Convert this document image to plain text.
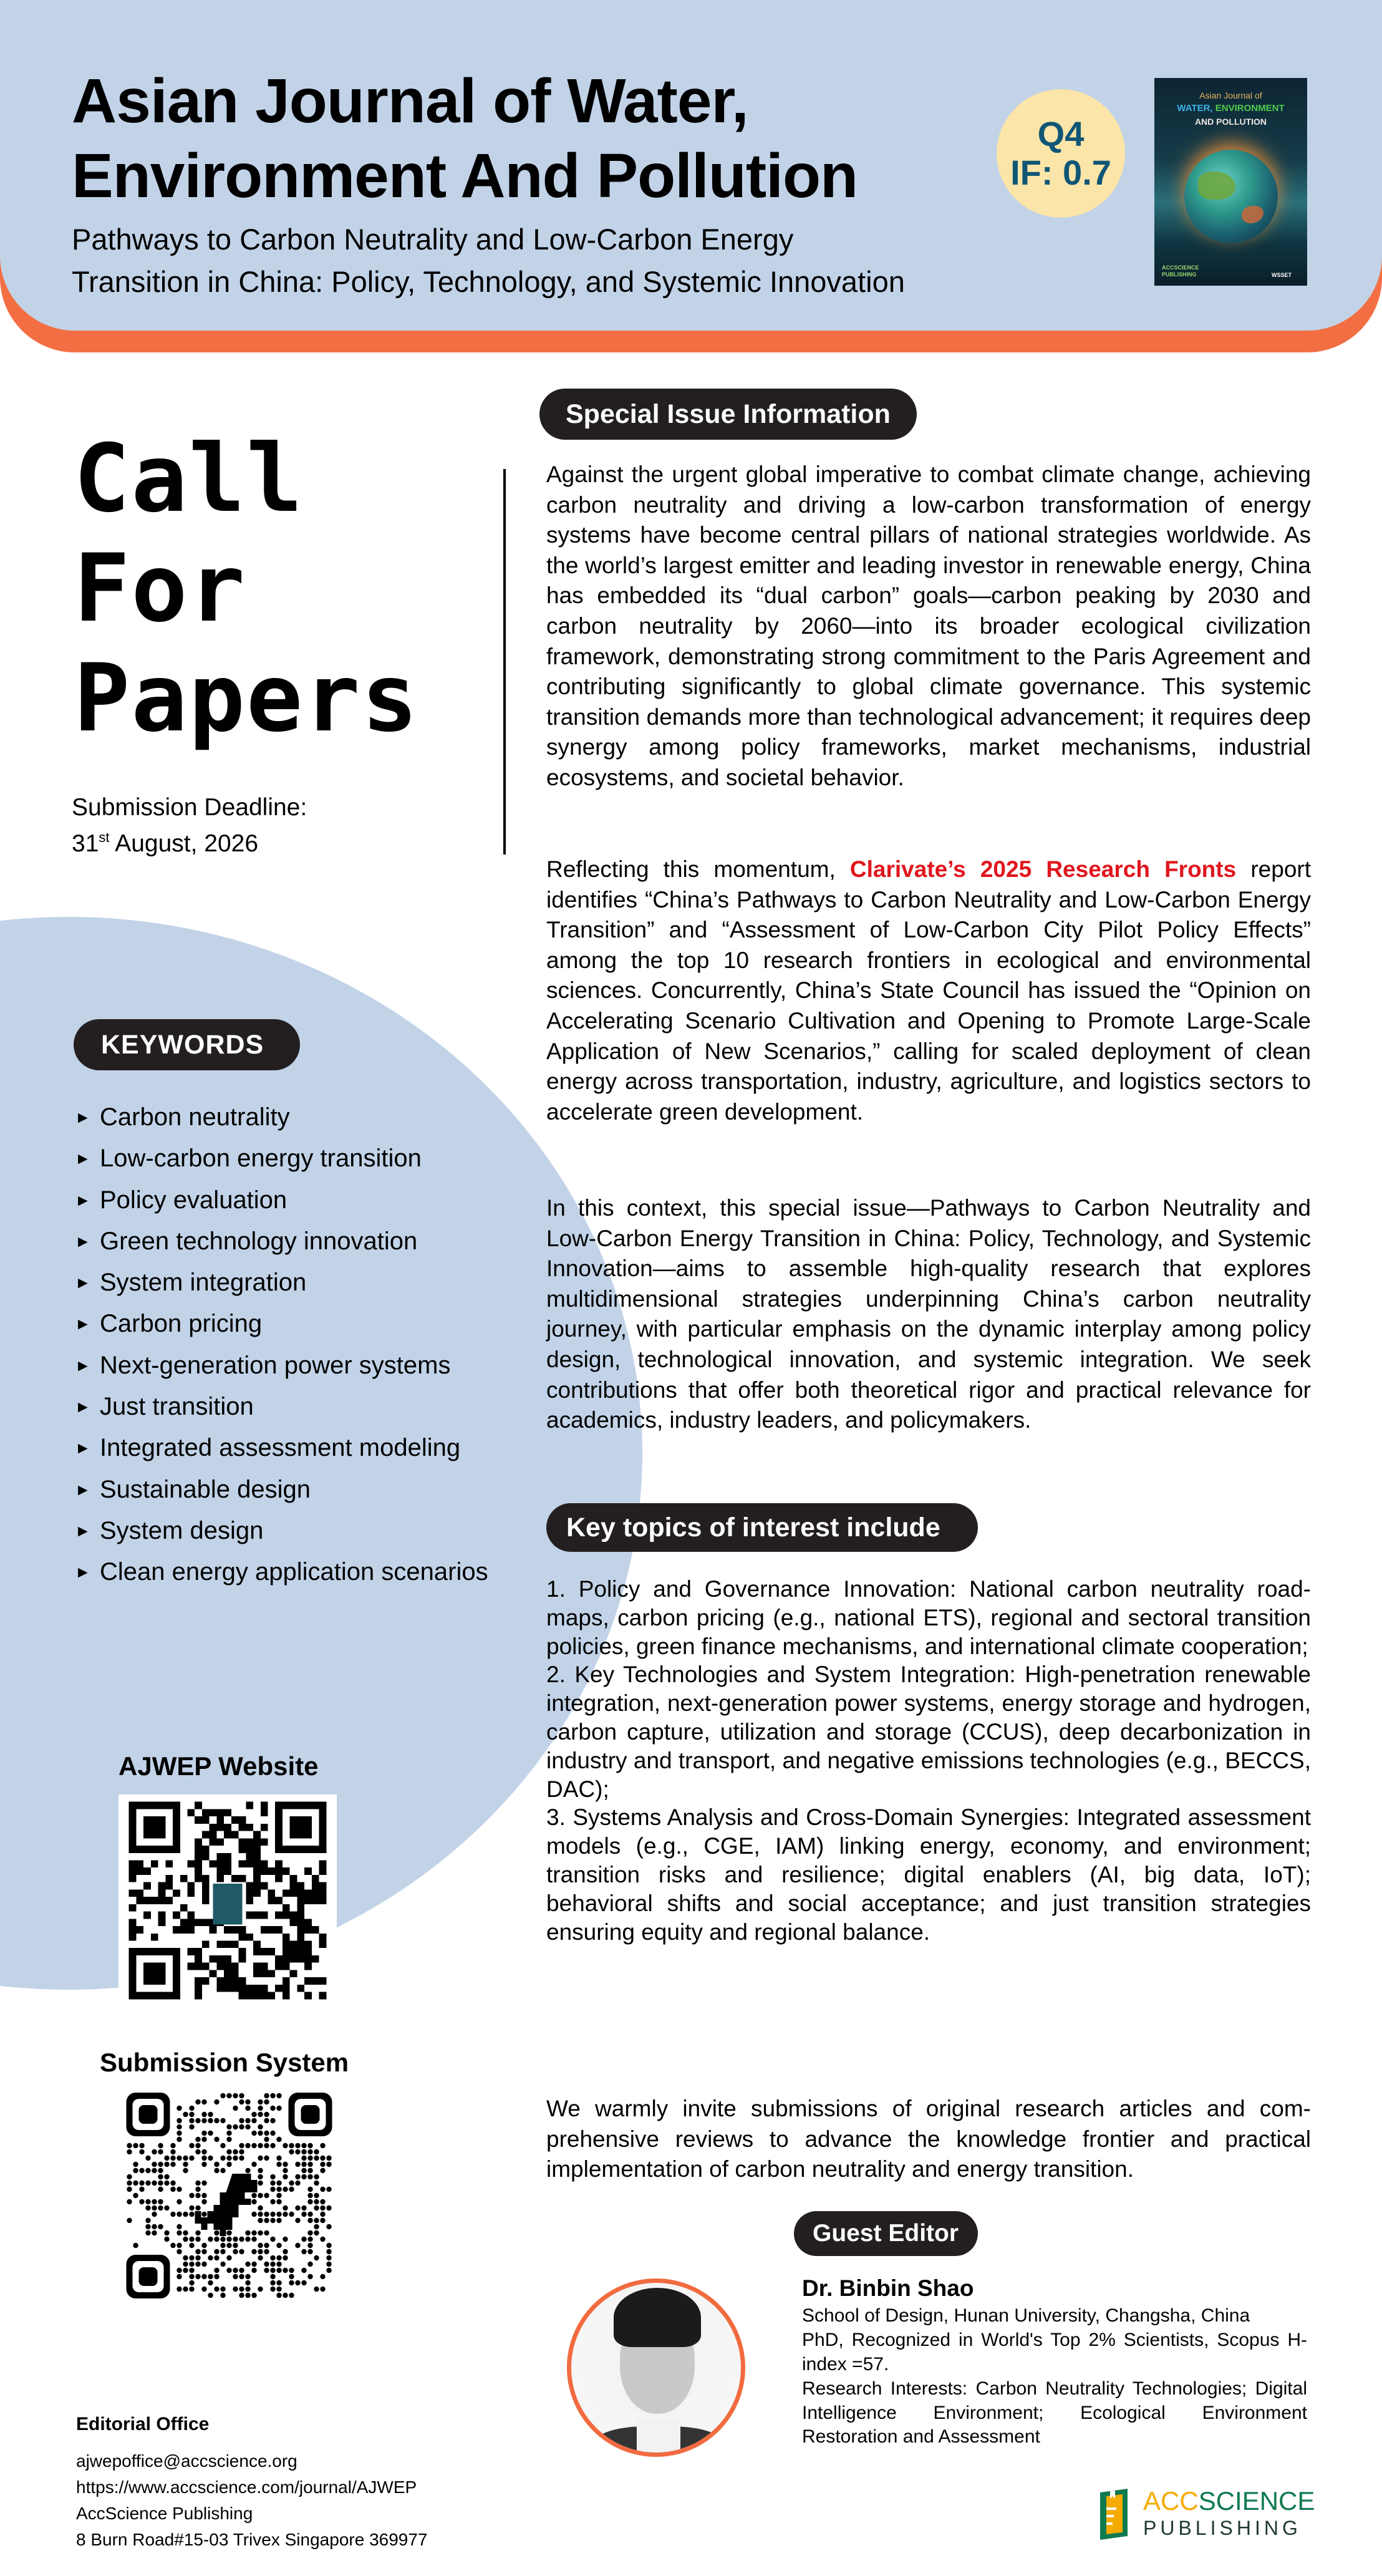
Asian Journal of Water,
Environment And Pollution
Pathways to Carbon Neutrality and Low-Carbon Energy
Transition in China: Policy, Technology, and Systemic Innovation
Q4
IF: 0.7
Asian Journal of
WATER, ENVIRONMENT
AND POLLUTION
ACCSCIENCE PUBLISHING	WSSET
Call
For
Papers
Submission Deadline:
31st August, 2026
KEYWORDS
► Carbon neutrality
► Low-carbon energy transition
► Policy evaluation
► Green technology innovation
► System integration
► Carbon pricing
► Next-generation power systems
► Just transition
► Integrated assessment modeling
► Sustainable design
► System design
► Clean energy application scenarios
AJWEP Website
Submission System
Editorial Office
ajwepoffice@accscience.org
https://www.accscience.com/journal/AJWEP
AccScience Publishing
8 Burn Road#15-03 Trivex Singapore 369977
Special Issue Information

Against the urgent global imperative to combat climate change, achieving carbon neutrality and driving a low-carbon transformation of energy systems have become central pillars of national strategies worldwide. As the world’s largest emitter and leading investor in renewable energy, China has embedded its “dual carbon” goals—carbon peaking by 2030 and carbon neutrality by 2060—into its broader ecological civilization framework, demonstrating strong commitment to the Paris Agreement and contributing significantly to global climate governance. This systemic transition demands more than technological advancement; it requires deep synergy among policy frameworks, market mechanisms, industrial ecosystems, and societal behavior.

Reflecting this momentum, Clarivate’s 2025 Research Fronts report identifies “China’s Pathways to Carbon Neutrality and Low-Carbon Energy Transition” and “Assessment of Low-Carbon City Pilot Policy Effects” among the top 10 research frontiers in ecological and environmental sciences. Concurrently, China’s State Council has issued the “Opinion on Accelerating Scenario Cultivation and Opening to Promote Large-Scale Application of New Scenarios,” calling for scaled deployment of clean energy across transportation, industry, agriculture, and logistics sectors to accelerate green development.

In this context, this special issue—Pathways to Carbon Neutrality and Low-Carbon Energy Transition in China: Policy, Technology, and Systemic Innovation—aims to assemble high-quality research that explores multidimensional strategies underpinning China’s carbon neutrality journey, with particular emphasis on the dynamic interplay among policy design, technological innovation, and systemic integration. We seek contributions that offer both theoretical rigor and practical relevance for academics, industry leaders, and policymakers.

Key topics of interest include

1. Policy and Governance Innovation: National carbon neutrality roadmaps, carbon pricing (e.g., national ETS), regional and sectoral transition policies, green finance mechanisms, and international climate cooperation;

2. Key Technologies and System Integration: High-penetration renewable integration, next-generation power systems, energy storage and hydrogen, carbon capture, utilization and storage (CCUS), deep decarbonization in industry and transport, and negative emissions technologies (e.g., BECCS, DAC);

3. Systems Analysis and Cross-Domain Synergies: Integrated assessment models (e.g., CGE, IAM) linking energy, economy, and environment; transition risks and resilience; digital enablers (AI, big data, IoT); behavioral shifts and social acceptance; and just transition strategies ensuring equity and regional balance.

We warmly invite submissions of original research articles and comprehensive reviews to advance the knowledge frontier and practical implementation of carbon neutrality and energy transition.

Guest Editor
Dr. Binbin Shao

School of Design, Hunan University, Changsha, China

PhD, Recognized in World's Top 2% Scientists, Scopus H-index =57.

Research Interests: Carbon Neutrality Technologies; Digital Intelligence Environment; Ecological Environment Restoration and Assessment

ACCSCIENCE
PUBLISHING
